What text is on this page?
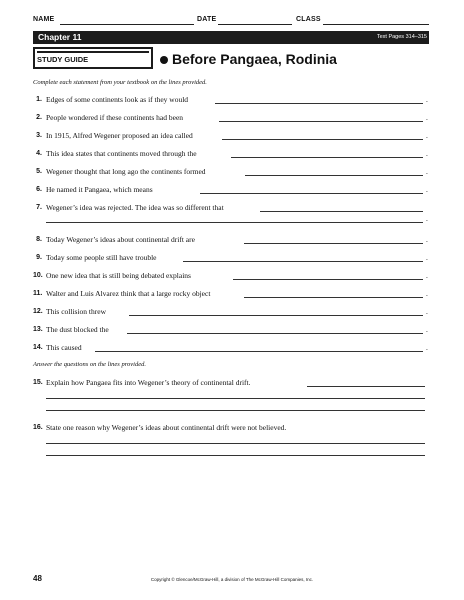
NAME	DATE	CLASS
Chapter 11	Text Pages 314–315
STUDY GUIDE	Before Pangaea, Rodinia
Complete each statement from your textbook on the lines provided.
1. Edges of some continents look as if they would	.
2. People wondered if these continents had been	.
3. In 1915, Alfred Wegener proposed an idea called	.
4. This idea states that continents moved through the	.
5. Wegener thought that long ago the continents formed	.
6. He named it Pangaea, which means	.
7. Wegener’s idea was rejected. The idea was so different that
.
8. Today Wegener’s ideas about continental drift are	.
9. Today some people still have trouble	.
10. One new idea that is still being debated explains	.
11. Walter and Luis Alvarez think that a large rocky object	.
12. This collision threw	.
13. The dust blocked the	.
14. This caused	.
Answer the questions on the lines provided.
15. Explain how Pangaea fits into Wegener’s theory of continental drift.
16. State one reason why Wegener’s ideas about continental drift were not believed.
48	Copyright © Glencoe/McGraw-Hill, a division of The McGraw-Hill Companies, Inc.
